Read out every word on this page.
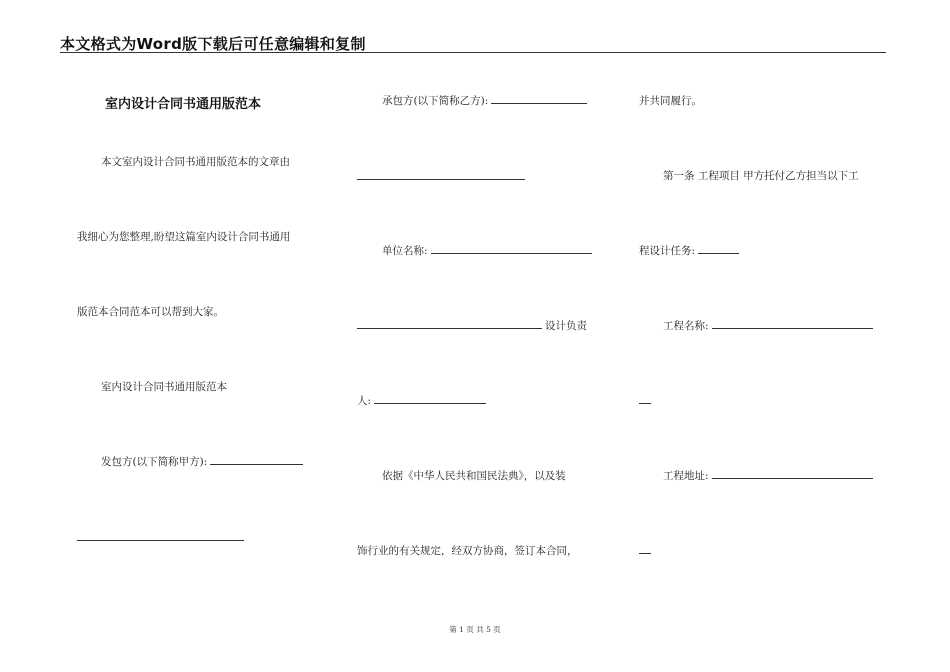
本文格式为Word版下载后可任意编辑和复制
室内设计合同书通用版范本
本文室内设计合同书通用版范本的文章由
我细心为您整理,盼望这篇室内设计合同书通用
版范本合同范本可以帮到大家。
室内设计合同书通用版范本
发包方(以下简称甲方):
承包方(以下简称乙方):
单位名称:
设计负责
人:
依据《中华人民共和国民法典》，以及装
饰行业的有关规定，经双方协商，签订本合同，
并共同履行。
第一条 工程项目 甲方托付乙方担当以下工
程设计任务:
工程名称:
工程地址:
第 1 页 共 5 页
